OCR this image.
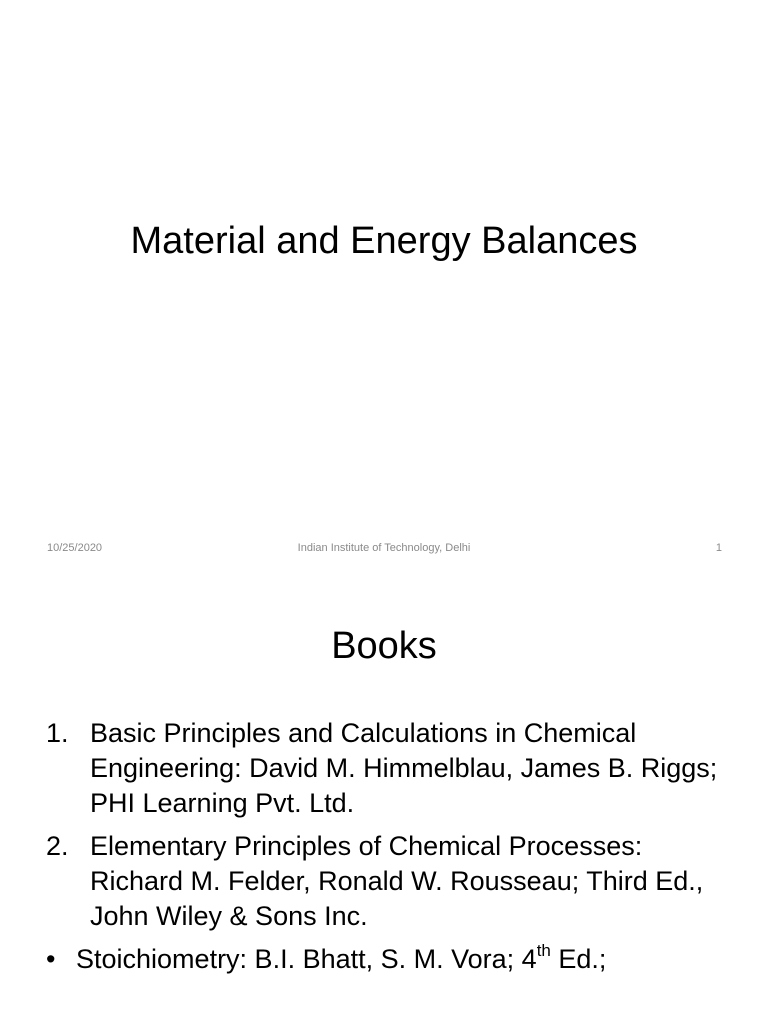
Material and Energy Balances
10/25/2020	Indian Institute of Technology, Delhi	1
Books
1. Basic Principles and Calculations in Chemical Engineering: David M. Himmelblau, James B. Riggs; PHI Learning Pvt. Ltd.
2. Elementary Principles of Chemical Processes: Richard M. Felder, Ronald W. Rousseau; Third Ed., John Wiley & Sons Inc.
• Stoichiometry: B.I. Bhatt, S. M. Vora; 4th Ed.;
